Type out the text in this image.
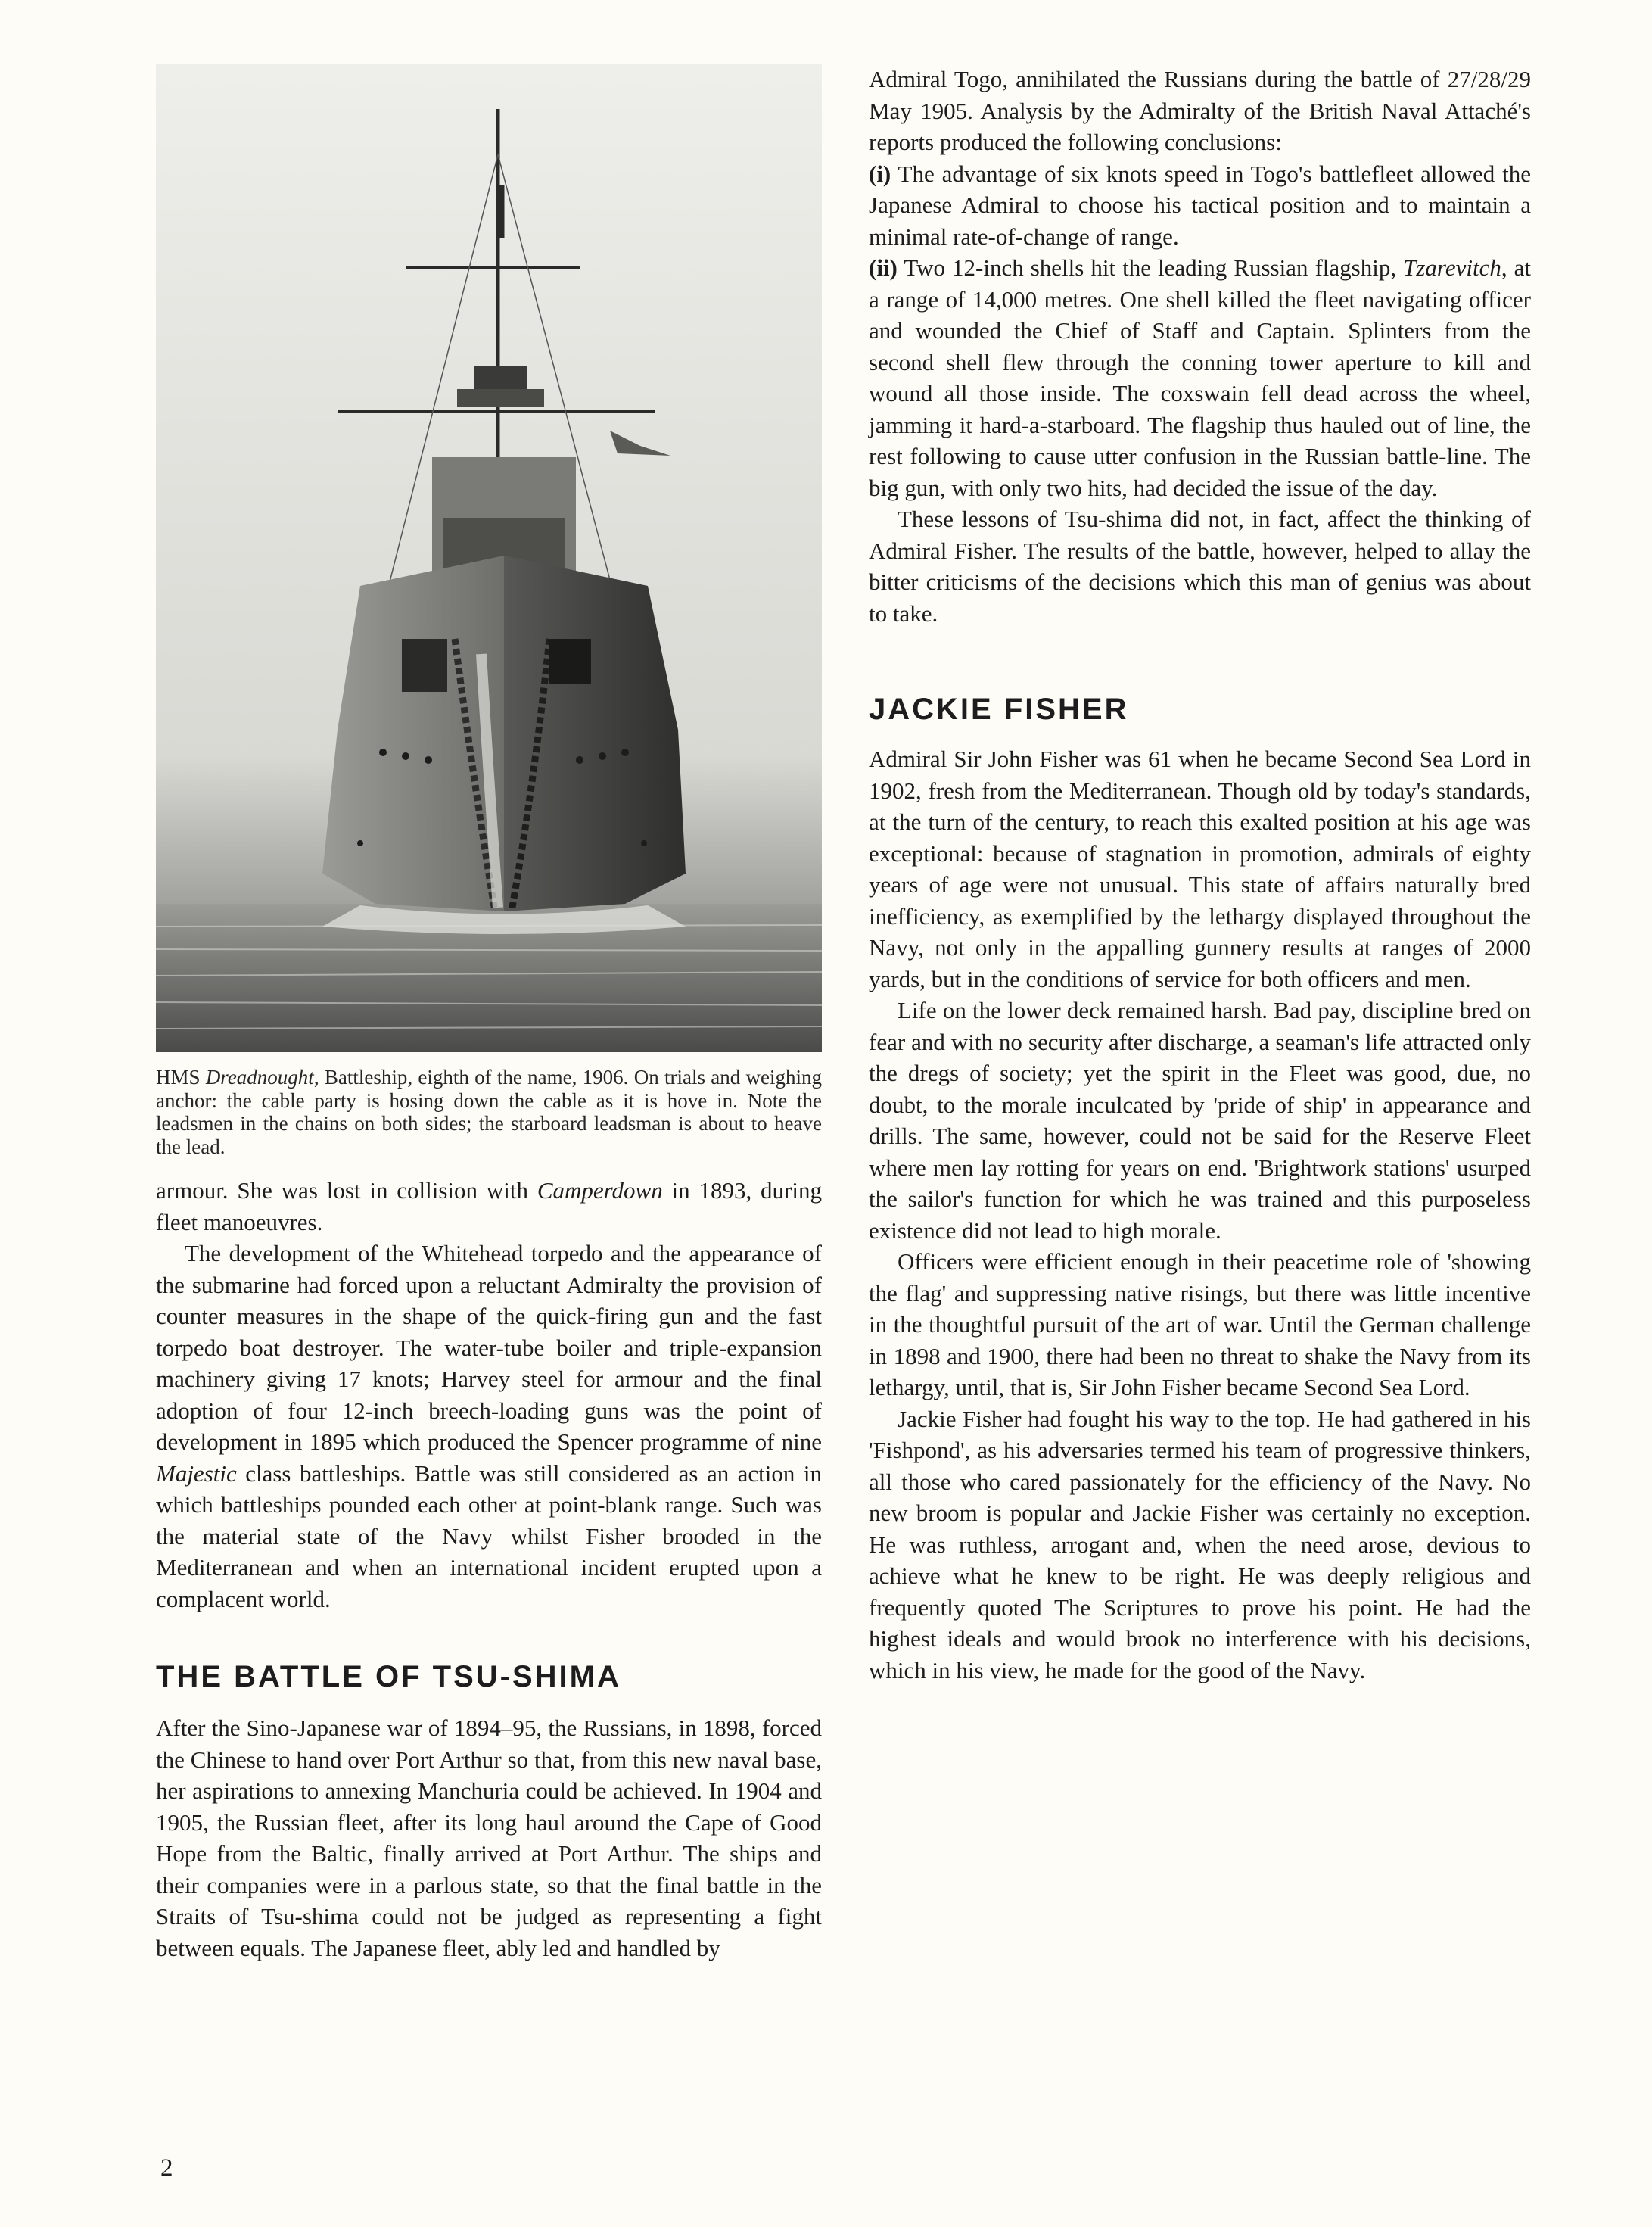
HMS Dreadnought, Battleship, eighth of the name, 1906. On trials and weighing anchor: the cable party is hosing down the cable as it is hove in. Note the leadsmen in the chains on both sides; the starboard leadsman is about to heave the lead.

armour. She was lost in collision with Camperdown in 1893, during fleet manoeuvres.

The development of the Whitehead torpedo and the appearance of the submarine had forced upon a reluctant Admiralty the provision of counter measures in the shape of the quick-firing gun and the fast torpedo boat destroyer. The water-tube boiler and triple-expansion machinery giving 17 knots; Harvey steel for armour and the final adoption of four 12-inch breech-loading guns was the point of development in 1895 which produced the Spencer programme of nine Majestic class battleships. Battle was still considered as an action in which battleships pounded each other at point-blank range. Such was the material state of the Navy whilst Fisher brooded in the Mediterranean and when an international incident erupted upon a complacent world.

THE BATTLE OF TSU-SHIMA

After the Sino-Japanese war of 1894–95, the Russians, in 1898, forced the Chinese to hand over Port Arthur so that, from this new naval base, her aspirations to annexing Manchuria could be achieved. In 1904 and 1905, the Russian fleet, after its long haul around the Cape of Good Hope from the Baltic, finally arrived at Port Arthur. The ships and their companies were in a parlous state, so that the final battle in the Straits of Tsu-shima could not be judged as representing a fight between equals. The Japanese fleet, ably led and handled by

Admiral Togo, annihilated the Russians during the battle of 27/28/29 May 1905. Analysis by the Admiralty of the British Naval Attaché's reports produced the following conclusions:

(i) The advantage of six knots speed in Togo's battlefleet allowed the Japanese Admiral to choose his tactical position and to maintain a minimal rate-of-change of range.

(ii) Two 12-inch shells hit the leading Russian flagship, Tzarevitch, at a range of 14,000 metres. One shell killed the fleet navigating officer and wounded the Chief of Staff and Captain. Splinters from the second shell flew through the conning tower aperture to kill and wound all those inside. The coxswain fell dead across the wheel, jamming it hard-a-starboard. The flagship thus hauled out of line, the rest following to cause utter confusion in the Russian battle-line. The big gun, with only two hits, had decided the issue of the day.

These lessons of Tsu-shima did not, in fact, affect the thinking of Admiral Fisher. The results of the battle, however, helped to allay the bitter criticisms of the decisions which this man of genius was about to take.

JACKIE FISHER

Admiral Sir John Fisher was 61 when he became Second Sea Lord in 1902, fresh from the Mediterranean. Though old by today's standards, at the turn of the century, to reach this exalted position at his age was exceptional: because of stagnation in promotion, admirals of eighty years of age were not unusual. This state of affairs naturally bred inefficiency, as exemplified by the lethargy displayed throughout the Navy, not only in the appalling gunnery results at ranges of 2000 yards, but in the conditions of service for both officers and men.

Life on the lower deck remained harsh. Bad pay, discipline bred on fear and with no security after discharge, a seaman's life attracted only the dregs of society; yet the spirit in the Fleet was good, due, no doubt, to the morale inculcated by 'pride of ship' in appearance and drills. The same, however, could not be said for the Reserve Fleet where men lay rotting for years on end. 'Brightwork stations' usurped the sailor's function for which he was trained and this purposeless existence did not lead to high morale.

Officers were efficient enough in their peacetime role of 'showing the flag' and suppressing native risings, but there was little incentive in the thoughtful pursuit of the art of war. Until the German challenge in 1898 and 1900, there had been no threat to shake the Navy from its lethargy, until, that is, Sir John Fisher became Second Sea Lord.

Jackie Fisher had fought his way to the top. He had gathered in his 'Fishpond', as his adversaries termed his team of progressive thinkers, all those who cared passionately for the efficiency of the Navy. No new broom is popular and Jackie Fisher was certainly no exception. He was ruthless, arrogant and, when the need arose, devious to achieve what he knew to be right. He was deeply religious and frequently quoted The Scriptures to prove his point. He had the highest ideals and would brook no interference with his decisions, which in his view, he made for the good of the Navy.

2
